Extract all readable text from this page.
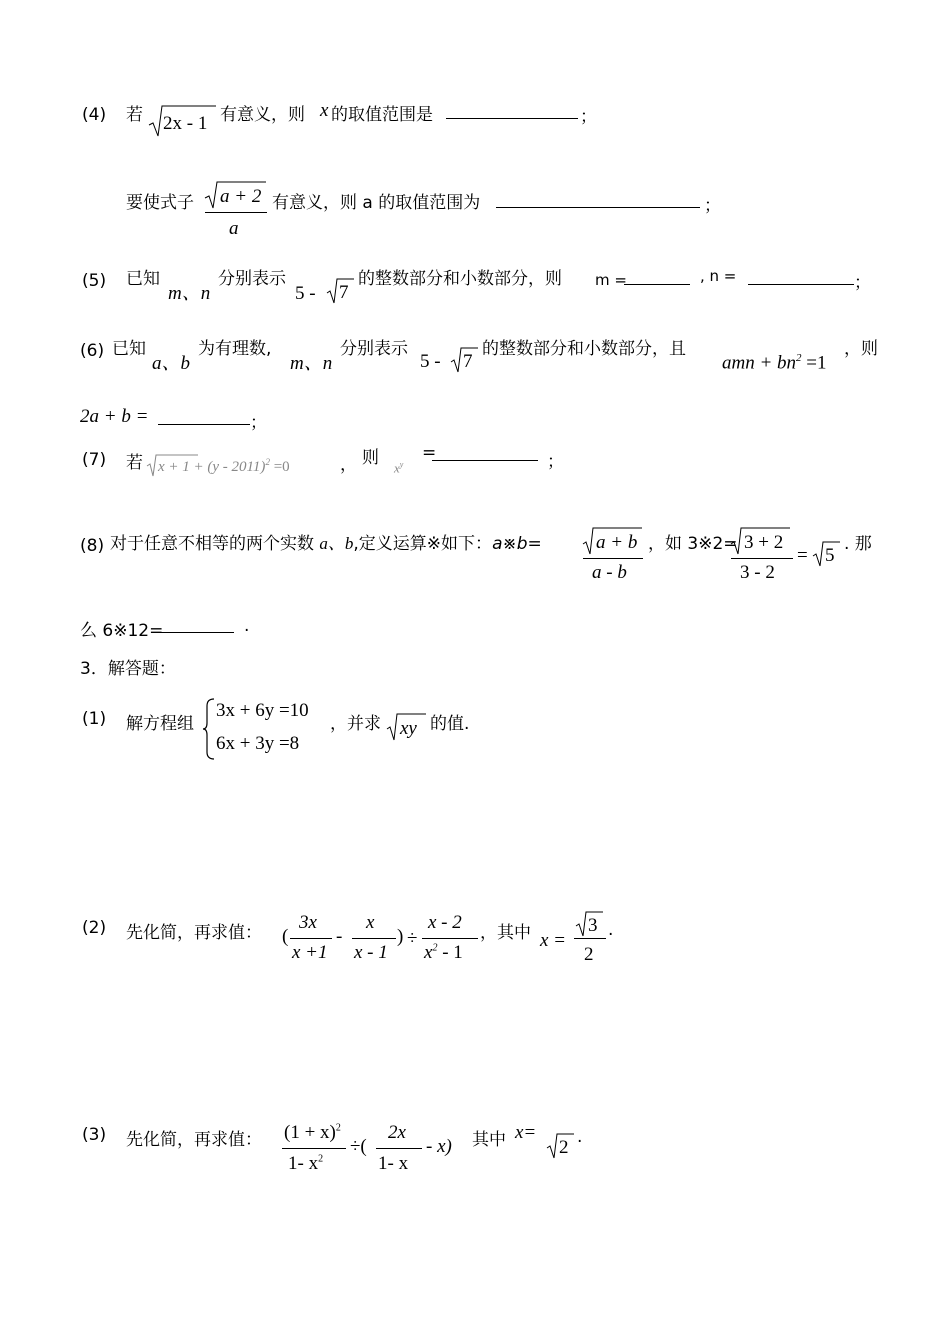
(4) 若 2x - 1 有意义，则 x 的取值范围是	；
要使式子 a + 2
a
有意义，则 a 的取值范围为	；
(5) 已知
m、n
分别表示
5 - 7
的整数部分和小数部分，则 m =	, n =	；
(6) 已知
a、b
为有理数,
m、n
分别表示
5 - 7
的整数部分和小数部分，且
amn + $bn^2 =1$
，则
2a + b =	；
(7) 若 x + 1 + (y - 2011)$^2$ =0	， 则 $x^y$
=	；
(8) 对于任意不相等的两个实数 a、b,定义运算※如下：a※b=	a + b
a - b
，如 3※2= 3 + 2
3 - 2
= 5
. 那
么 6※12=	.
3．解答题：
(1) 解方程组
3x + 6y =10
6x + 3y =8
，并求 xy 的值.
(2) 先化简，再求值： (
3x
x +1
-
x
x - 1
) ÷
x - 2
$x^2 - 1$
，其中 x =
3
2
.
(3) 先化简，再求值： $(1 + x)^2$
1- $x^2$
÷(
2x
1- x
- x) 其中 x=
2 .
